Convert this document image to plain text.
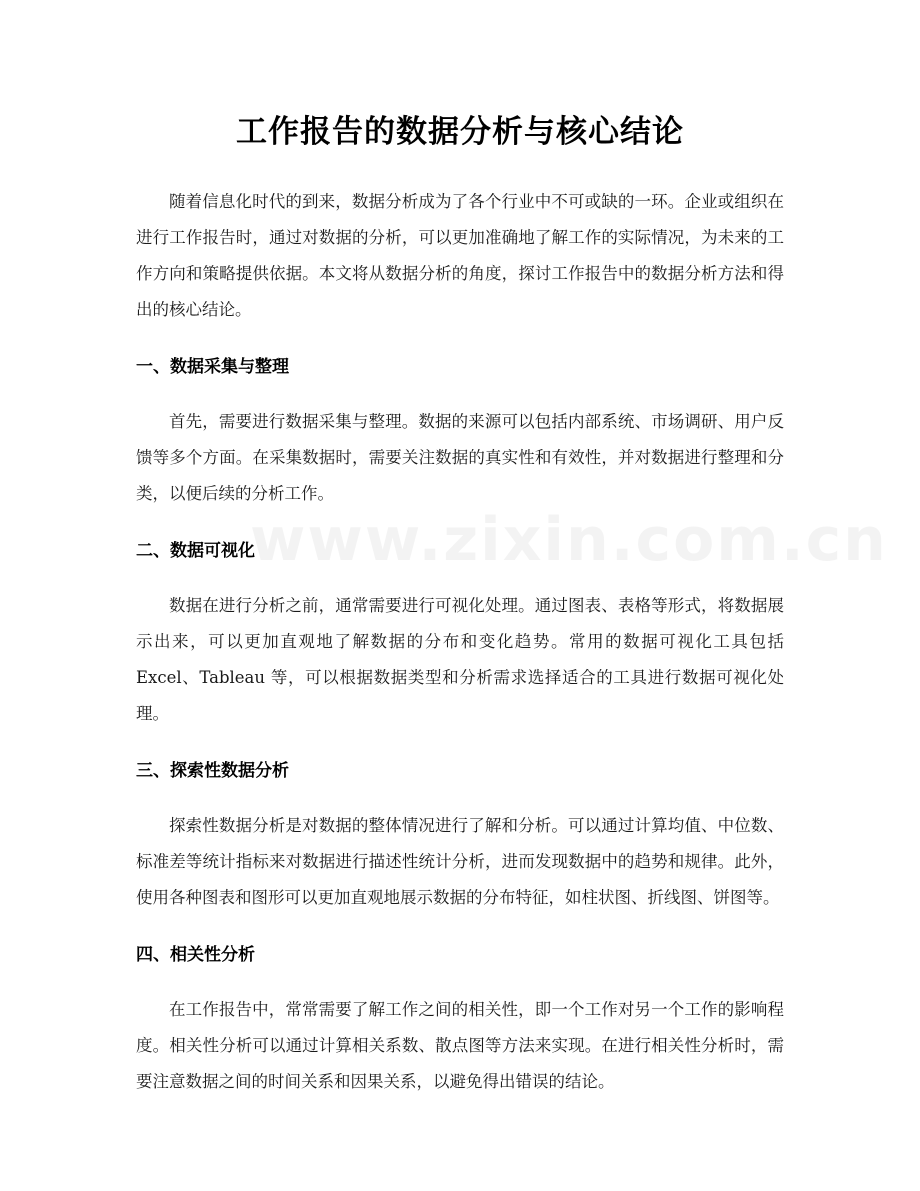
www.zixin.com.cn
工作报告的数据分析与核心结论

随着信息化时代的到来，数据分析成为了各个行业中不可或缺的一环。企业或组织在进行工作报告时，通过对数据的分析，可以更加准确地了解工作的实际情况，为未来的工作方向和策略提供依据。本文将从数据分析的角度，探讨工作报告中的数据分析方法和得出的核心结论。

一、数据采集与整理

首先，需要进行数据采集与整理。数据的来源可以包括内部系统、市场调研、用户反馈等多个方面。在采集数据时，需要关注数据的真实性和有效性，并对数据进行整理和分类，以便后续的分析工作。

二、数据可视化

数据在进行分析之前，通常需要进行可视化处理。通过图表、表格等形式，将数据展示出来，可以更加直观地了解数据的分布和变化趋势。常用的数据可视化工具包括 Excel、Tableau 等，可以根据数据类型和分析需求选择适合的工具进行数据可视化处理。

三、探索性数据分析

探索性数据分析是对数据的整体情况进行了解和分析。可以通过计算均值、中位数、标准差等统计指标来对数据进行描述性统计分析，进而发现数据中的趋势和规律。此外，使用各种图表和图形可以更加直观地展示数据的分布特征，如柱状图、折线图、饼图等。

四、相关性分析

在工作报告中，常常需要了解工作之间的相关性，即一个工作对另一个工作的影响程度。相关性分析可以通过计算相关系数、散点图等方法来实现。在进行相关性分析时，需要注意数据之间的时间关系和因果关系，以避免得出错误的结论。
